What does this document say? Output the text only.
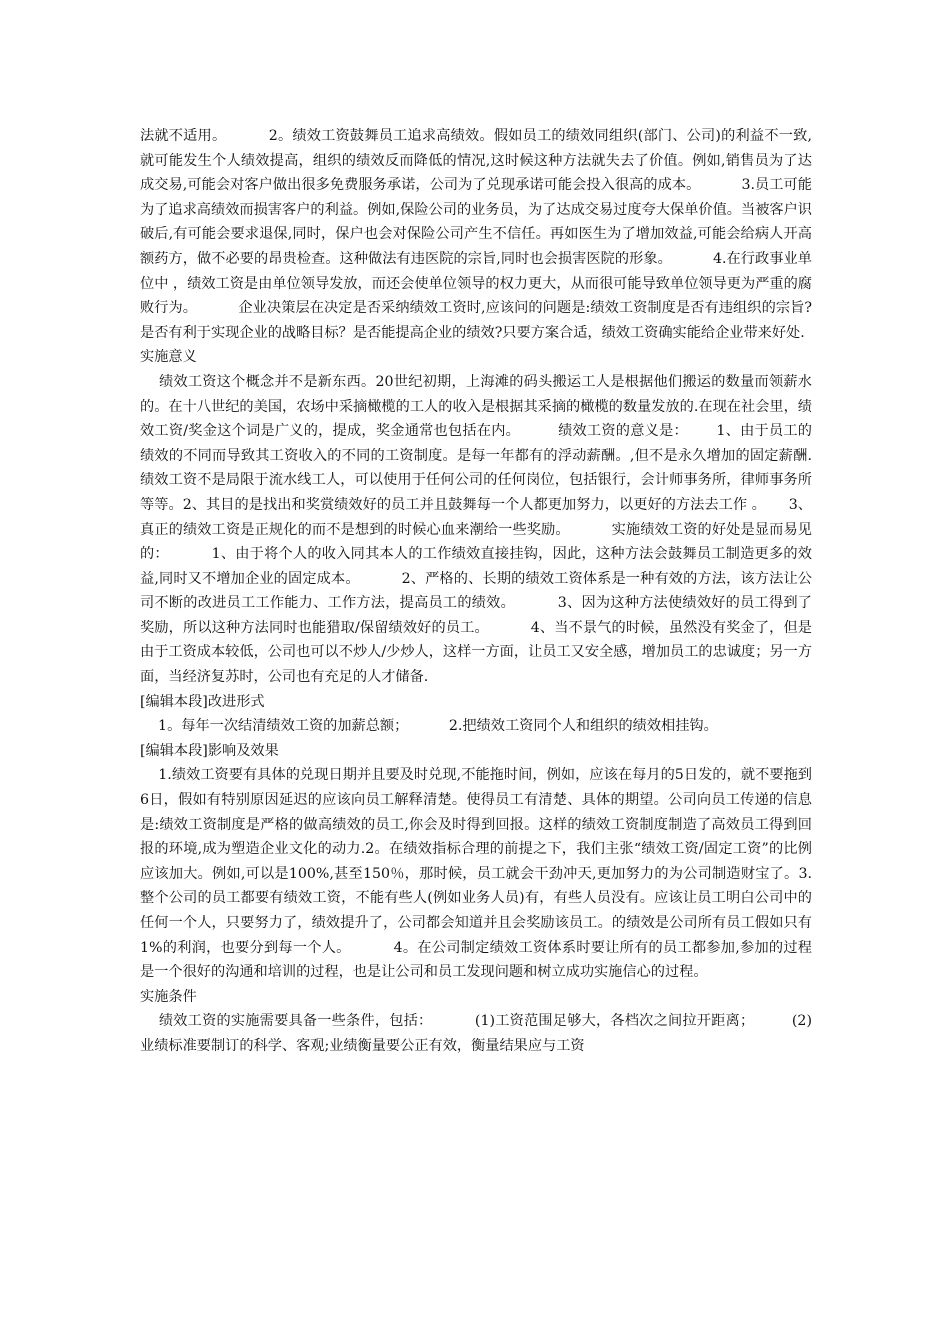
法就不适用。         2。绩效工资鼓舞员工追求高绩效。假如员工的绩效同组织(部门、公司)的利益不一致,就可能发生个人绩效提高，组织的绩效反而降低的情况,这时候这种方法就失去了价值。例如,销售员为了达成交易,可能会对客户做出很多免费服务承诺，公司为了兑现承诺可能会投入很高的成本。         3.员工可能为了追求高绩效而损害客户的利益。例如,保险公司的业务员，为了达成交易过度夸大保单价值。当被客户识破后,有可能会要求退保,同时，保户也会对保险公司产生不信任。再如医生为了增加效益,可能会给病人开高额药方，做不必要的昂贵检查。这种做法有违医院的宗旨,同时也会损害医院的形象。         4.在行政事业单位中 ，绩效工资是由单位领导发放，而还会使单位领导的权力更大，从而很可能导致单位领导更为严重的腐败行为。         企业决策层在决定是否采纳绩效工资时,应该问的问题是:绩效工资制度是否有违组织的宗旨?是否有利于实现企业的战略目标？是否能提高企业的绩效?只要方案合适，绩效工资确实能给企业带来好处.

实施意义

绩效工资这个概念并不是新东西。20世纪初期，上海滩的码头搬运工人是根据他们搬运的数量而领薪水的。在十八世纪的美国，农场中采摘橄榄的工人的收入是根据其采摘的橄榄的数量发放的.在现在社会里，绩效工资/奖金这个词是广义的，提成，奖金通常也包括在内。        绩效工资的意义是：      1、由于员工的绩效的不同而导致其工资收入的不同的工资制度。是每一年都有的浮动薪酬。,但不是永久增加的固定薪酬.绩效工资不是局限于流水线工人，可以使用于任何公司的任何岗位，包括银行，会计师事务所，律师事务所等等。2、其目的是找出和奖赏绩效好的员工并且鼓舞每一个人都更加努力，以更好的方法去工作 。     3、真正的绩效工资是正规化的而不是想到的时候心血来潮给一些奖励。         实施绩效工资的好处是显而易见的：         1、由于将个人的收入同其本人的工作绩效直接挂钩，因此，这种方法会鼓舞员工制造更多的效益,同时又不增加企业的固定成本。         2、严格的、长期的绩效工资体系是一种有效的方法，该方法让公司不断的改进员工工作能力、工作方法，提高员工的绩效。         3、因为这种方法使绩效好的员工得到了奖励，所以这种方法同时也能猎取/保留绩效好的员工。         4、当不景气的时候，虽然没有奖金了，但是由于工资成本较低，公司也可以不炒人/少炒人，这样一方面，让员工又安全感，增加员工的忠诚度；另一方面，当经济复苏时，公司也有充足的人才储备.

[编辑本段]改进形式

1。每年一次结清绩效工资的加薪总额；         2.把绩效工资同个人和组织的绩效相挂钩。

[编辑本段]影响及效果

1.绩效工资要有具体的兑现日期并且要及时兑现,不能拖时间，例如，应该在每月的5日发的，就不要拖到6日，假如有特别原因延迟的应该向员工解释清楚。使得员工有清楚、具体的期望。公司向员工传递的信息是:绩效工资制度是严格的做高绩效的员工,你会及时得到回报。这样的绩效工资制度制造了高效员工得到回报的环境,成为塑造企业文化的动力.2。在绩效指标合理的前提之下，我们主张“绩效工资/固定工资”的比例应该加大。例如,可以是100%,甚至150％，那时候，员工就会干劲冲天,更加努力的为公司制造财宝了。3.整个公司的员工都要有绩效工资，不能有些人(例如业务人员)有，有些人员没有。应该让员工明白公司中的任何一个人，只要努力了，绩效提升了，公司都会知道并且会奖励该员工。的绩效是公司所有员工假如只有1%的利润，也要分到每一个人。         4。在公司制定绩效工资体系时要让所有的员工都参加,参加的过程是一个很好的沟通和培训的过程，也是让公司和员工发现问题和树立成功实施信心的过程。

实施条件

绩效工资的实施需要具备一些条件，包括：         (1)工资范围足够大，各档次之间拉开距离；        (2)业绩标准要制订的科学、客观;业绩衡量要公正有效，衡量结果应与工资
